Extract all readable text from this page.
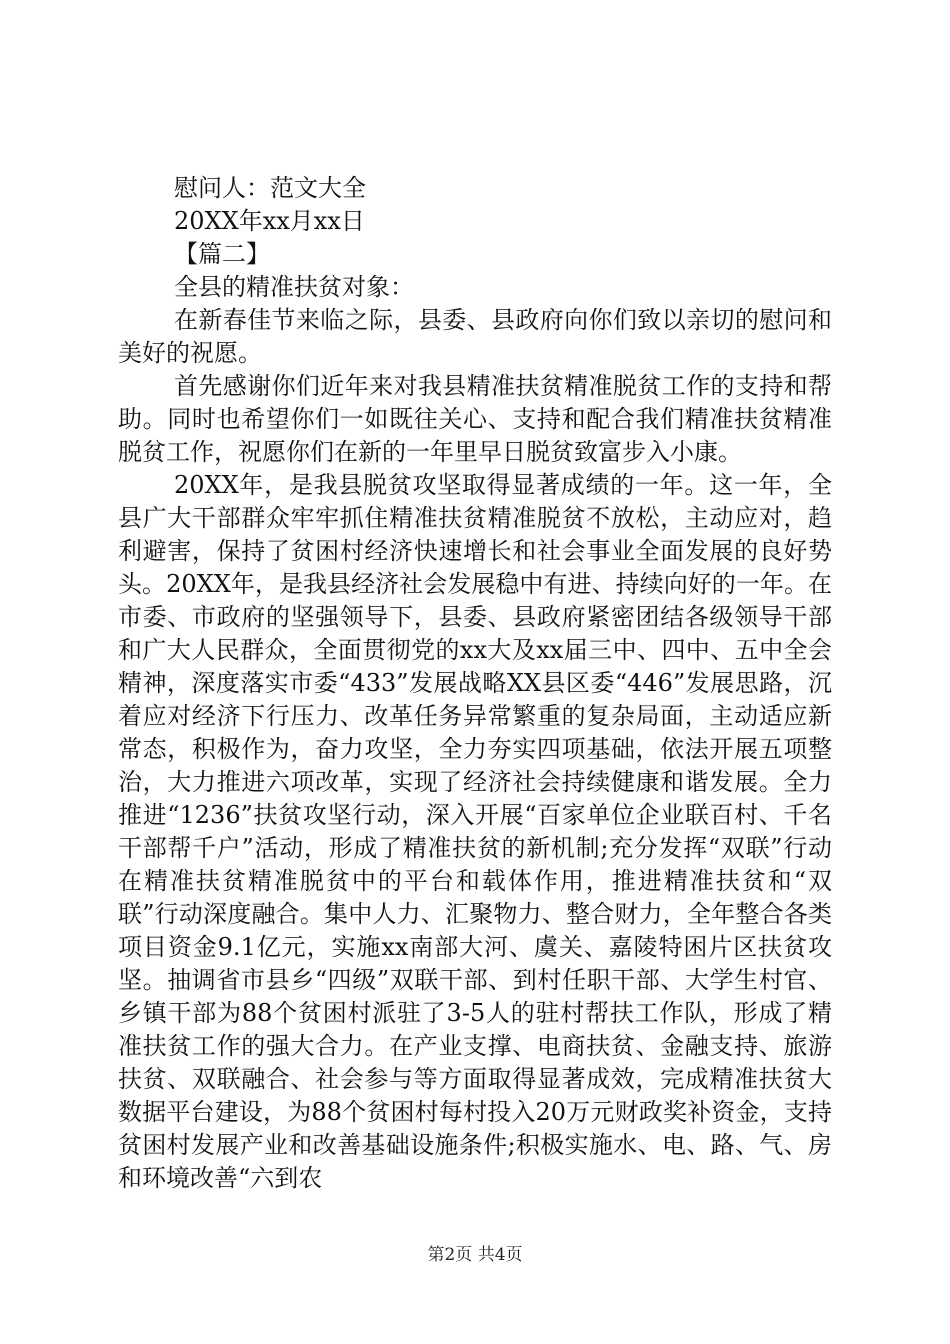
慰问人：范文大全
20XX年xx月xx日
【篇二】
全县的精准扶贫对象：

在新春佳节来临之际，县委、县政府向你们致以亲切的慰问和美好的祝愿。

首先感谢你们近年来对我县精准扶贫精准脱贫工作的支持和帮助。同时也希望你们一如既往关心、支持和配合我们精准扶贫精准脱贫工作，祝愿你们在新的一年里早日脱贫致富步入小康。

20XX年，是我县脱贫攻坚取得显著成绩的一年。这一年，全县广大干部群众牢牢抓住精准扶贫精准脱贫不放松，主动应对，趋利避害，保持了贫困村经济快速增长和社会事业全面发展的良好势头。20XX年，是我县经济社会发展稳中有进、持续向好的一年。在市委、市政府的坚强领导下，县委、县政府紧密团结各级领导干部和广大人民群众，全面贯彻党的xx大及xx届三中、四中、五中全会精神，深度落实市委“433”发展战略XX县区委“446”发展思路，沉着应对经济下行压力、改革任务异常繁重的复杂局面，主动适应新常态，积极作为，奋力攻坚，全力夯实四项基础，依法开展五项整治，大力推进六项改革，实现了经济社会持续健康和谐发展。全力推进“1236”扶贫攻坚行动，深入开展“百家单位企业联百村、千名干部帮千户”活动，形成了精准扶贫的新机制;充分发挥“双联”行动在精准扶贫精准脱贫中的平台和载体作用，推进精准扶贫和“双联”行动深度融合。集中人力、汇聚物力、整合财力，全年整合各类项目资金9.1亿元，实施xx南部大河、虞关、嘉陵特困片区扶贫攻坚。抽调省市县乡“四级”双联干部、到村任职干部、大学生村官、乡镇干部为88个贫困村派驻了3-5人的驻村帮扶工作队，形成了精准扶贫工作的强大合力。在产业支撑、电商扶贫、金融支持、旅游扶贫、双联融合、社会参与等方面取得显著成效，完成精准扶贫大数据平台建设，为88个贫困村每村投入20万元财政奖补资金，支持贫困村发展产业和改善基础设施条件;积极实施水、电、路、气、房和环境改善“六到农

第2页 共4页
